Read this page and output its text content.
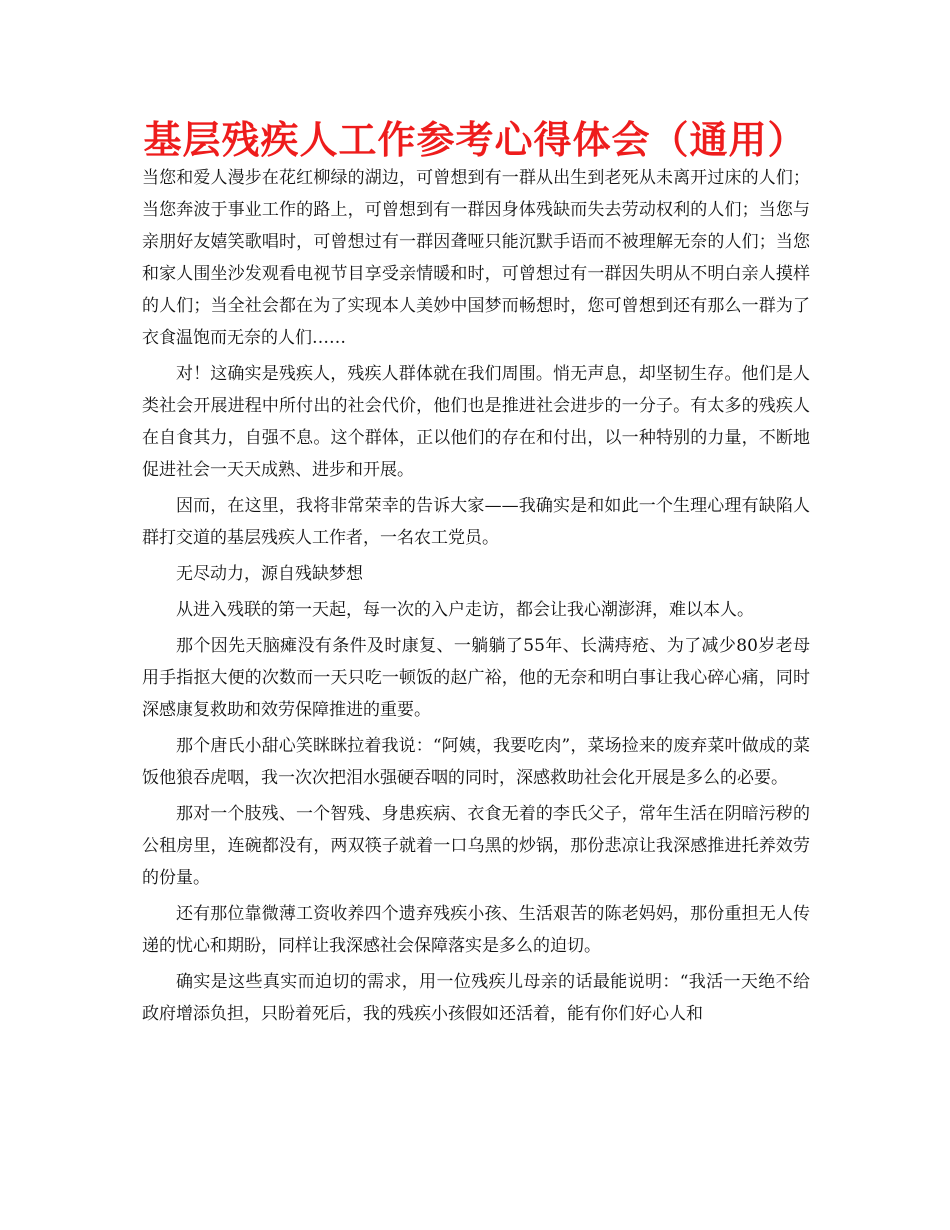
基层残疾人工作参考心得体会（通用）

当您和爱人漫步在花红柳绿的湖边，可曾想到有一群从出生到老死从未离开过床的人们；当您奔波于事业工作的路上，可曾想到有一群因身体残缺而失去劳动权利的人们；当您与亲朋好友嬉笑歌唱时，可曾想过有一群因聋哑只能沉默手语而不被理解无奈的人们；当您和家人围坐沙发观看电视节目享受亲情暖和时，可曾想过有一群因失明从不明白亲人摸样的人们；当全社会都在为了实现本人美妙中国梦而畅想时，您可曾想到还有那么一群为了衣食温饱而无奈的人们……

对！这确实是残疾人，残疾人群体就在我们周围。悄无声息，却坚韧生存。他们是人类社会开展进程中所付出的社会代价，他们也是推进社会进步的一分子。有太多的残疾人在自食其力，自强不息。这个群体，正以他们的存在和付出，以一种特别的力量，不断地促进社会一天天成熟、进步和开展。

因而，在这里，我将非常荣幸的告诉大家——我确实是和如此一个生理心理有缺陷人群打交道的基层残疾人工作者，一名农工党员。

无尽动力，源自残缺梦想

从进入残联的第一天起，每一次的入户走访，都会让我心潮澎湃，难以本人。

那个因先天脑瘫没有条件及时康复、一躺躺了55年、长满痔疮、为了减少80岁老母用手指抠大便的次数而一天只吃一顿饭的赵广裕，他的无奈和明白事让我心碎心痛，同时深感康复救助和效劳保障推进的重要。

那个唐氏小甜心笑眯眯拉着我说：“阿姨，我要吃肉”，菜场捡来的废弃菜叶做成的菜饭他狼吞虎咽，我一次次把泪水强硬吞咽的同时，深感救助社会化开展是多么的必要。

那对一个肢残、一个智残、身患疾病、衣食无着的李氏父子，常年生活在阴暗污秽的公租房里，连碗都没有，两双筷子就着一口乌黑的炒锅，那份悲凉让我深感推进托养效劳的份量。

还有那位靠微薄工资收养四个遗弃残疾小孩、生活艰苦的陈老妈妈，那份重担无人传递的忧心和期盼，同样让我深感社会保障落实是多么的迫切。

确实是这些真实而迫切的需求，用一位残疾儿母亲的话最能说明：“我活一天绝不给政府增添负担，只盼着死后，我的残疾小孩假如还活着，能有你们好心人和
